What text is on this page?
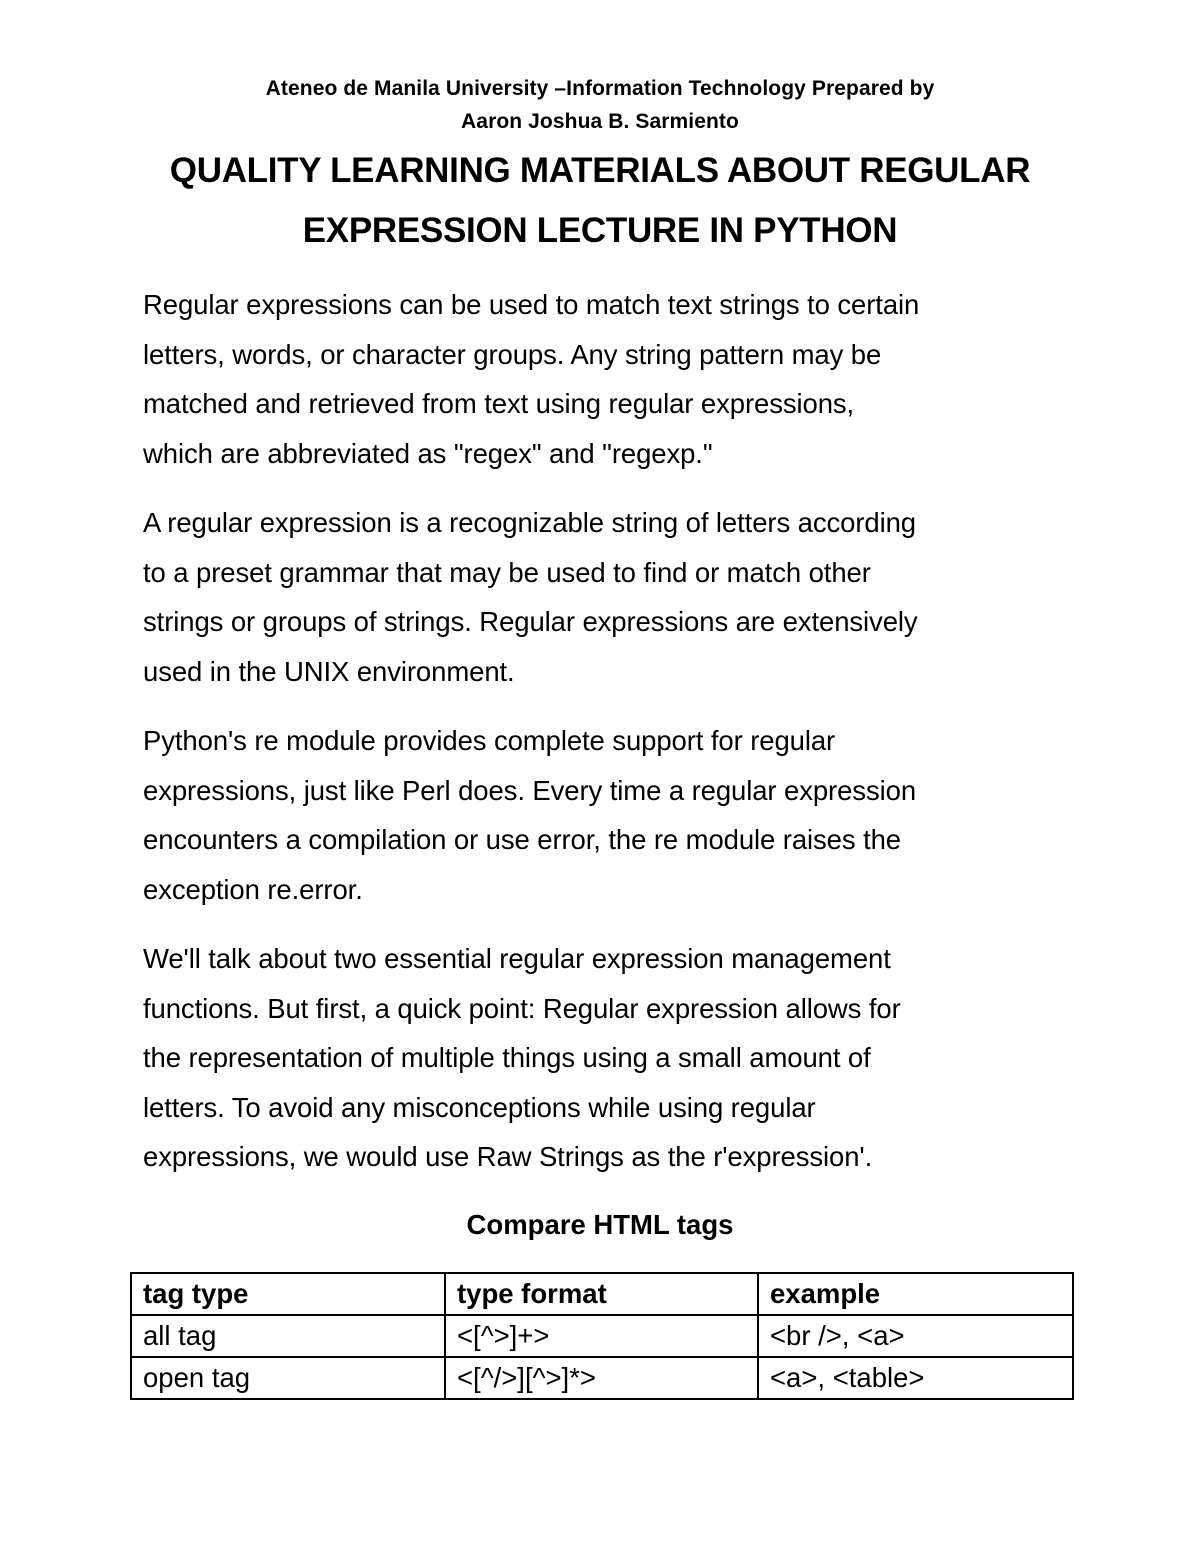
Ateneo de Manila University –Information Technology Prepared by
Aaron Joshua B. Sarmiento
QUALITY LEARNING MATERIALS ABOUT REGULAR
EXPRESSION LECTURE IN PYTHON
Regular expressions can be used to match text strings to certain
letters, words, or character groups. Any string pattern may be
matched and retrieved from text using regular expressions,
which are abbreviated as "regex" and "regexp."
A regular expression is a recognizable string of letters according
to a preset grammar that may be used to find or match other
strings or groups of strings. Regular expressions are extensively
used in the UNIX environment.
Python's re module provides complete support for regular
expressions, just like Perl does. Every time a regular expression
encounters a compilation or use error, the re module raises the
exception re.error.
We'll talk about two essential regular expression management
functions. But first, a quick point: Regular expression allows for
the representation of multiple things using a small amount of
letters. To avoid any misconceptions while using regular
expressions, we would use Raw Strings as the r'expression'.
Compare HTML tags
tag type	type format	example
all tag	<[^>]+>	<br />, <a>
open tag	<[^/>][^>]*>	<a>, <table>
